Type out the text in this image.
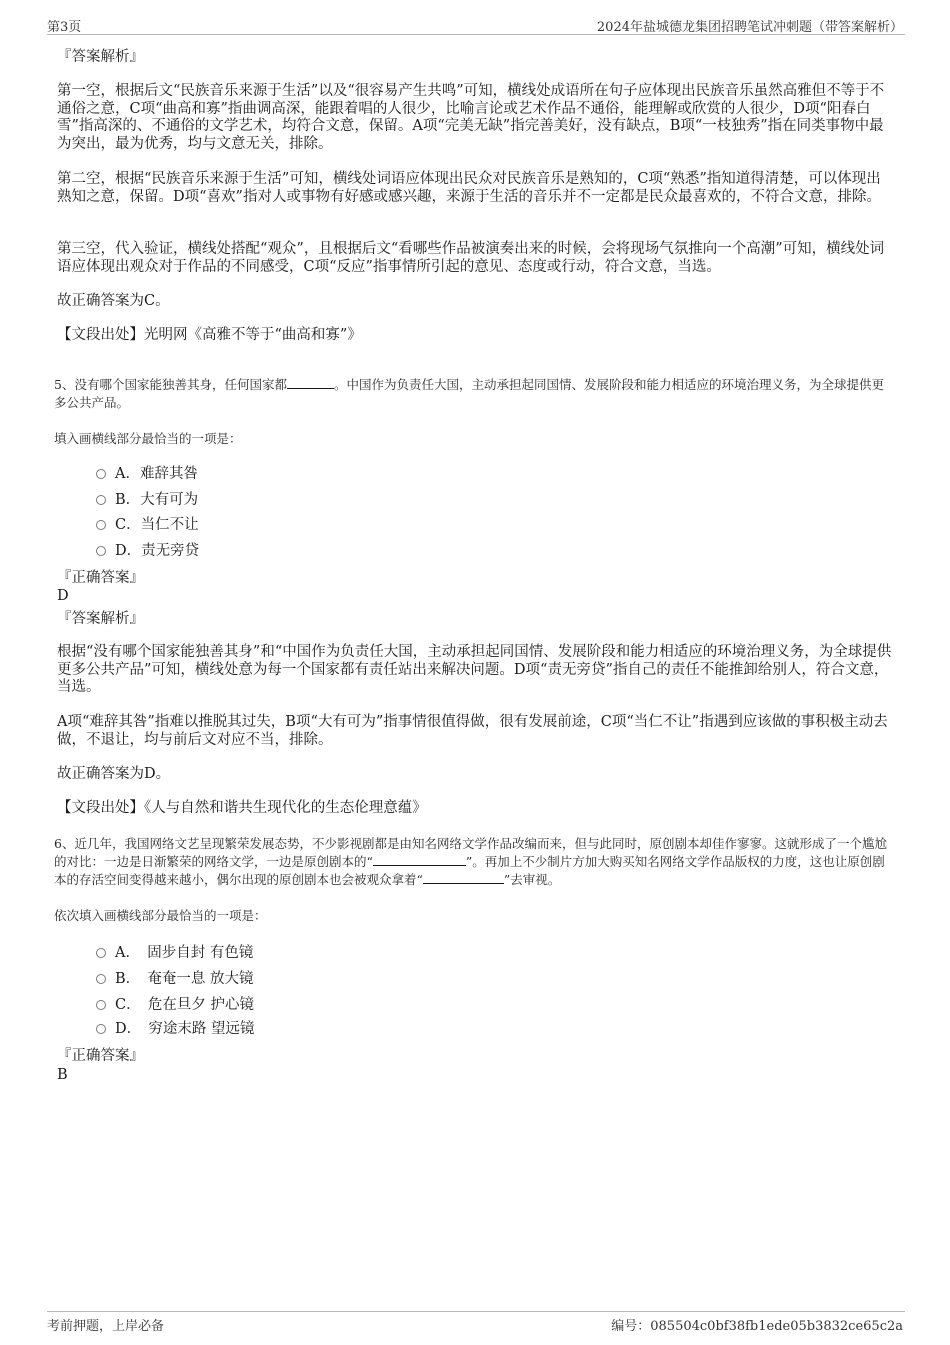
第3页	2024年盐城德龙集团招聘笔试冲刺题（带答案解析）
『答案解析』

第一空，根据后文“民族音乐来源于生活”以及“很容易产生共鸣”可知，横线处成语所在句子应体现出民族音乐虽然高雅但不等于不通俗之意，C项“曲高和寡”指曲调高深，能跟着唱的人很少，比喻言论或艺术作品不通俗，能理解或欣赏的人很少，D项“阳春白雪”指高深的、不通俗的文学艺术，均符合文意，保留。A项“完美无缺”指完善美好，没有缺点，B项“一枝独秀”指在同类事物中最为突出，最为优秀，均与文意无关，排除。

第二空，根据“民族音乐来源于生活”可知，横线处词语应体现出民众对民族音乐是熟知的，C项“熟悉”指知道得清楚，可以体现出熟知之意，保留。D项“喜欢”指对人或事物有好感或感兴趣，来源于生活的音乐并不一定都是民众最喜欢的，不符合文意，排除。

第三空，代入验证，横线处搭配“观众”，且根据后文“看哪些作品被演奏出来的时候，会将现场气氛推向一个高潮”可知，横线处词语应体现出观众对于作品的不同感受，C项“反应”指事情所引起的意见、态度或行动，符合文意，当选。

故正确答案为C。

【文段出处】光明网《高雅不等于“曲高和寡”》

5、没有哪个国家能独善其身，任何国家都	。中国作为负责任大国，主动承担起同国情、发展阶段和能力相适应的环境治理义务，为全球提供更多公共产品。

填入画横线部分最恰当的一项是：

A．难辞其咎
B．大有可为
C．当仁不让
D．责无旁贷
『正确答案』
D
『答案解析』

根据“没有哪个国家能独善其身”和“中国作为负责任大国，主动承担起同国情、发展阶段和能力相适应的环境治理义务，为全球提供更多公共产品”可知，横线处意为每一个国家都有责任站出来解决问题。D项“责无旁贷”指自己的责任不能推卸给别人，符合文意，当选。

A项“难辞其咎”指难以推脱其过失，B项“大有可为”指事情很值得做，很有发展前途，C项“当仁不让”指遇到应该做的事积极主动去做，不退让，均与前后文对应不当，排除。

故正确答案为D。

【文段出处】《人与自然和谐共生现代化的生态伦理意蕴》

6、近几年，我国网络文艺呈现繁荣发展态势，不少影视剧都是由知名网络文学作品改编而来，但与此同时，原创剧本却佳作寥寥。这就形成了一个尴尬的对比：一边是日渐繁荣的网络文学，一边是原创剧本的“	”。再加上不少制片方加大购买知名网络文学作品版权的力度，这也让原创剧本的存活空间变得越来越小，偶尔出现的原创剧本也会被观众拿着“	”去审视。

依次填入画横线部分最恰当的一项是：

A．　固步自封 有色镜
B．　奄奄一息 放大镜
C．　危在旦夕 护心镜
D．　穷途末路 望远镜
『正确答案』
B
考前押题，上岸必备	编号：085504c0bf38fb1ede05b3832ce65c2a
